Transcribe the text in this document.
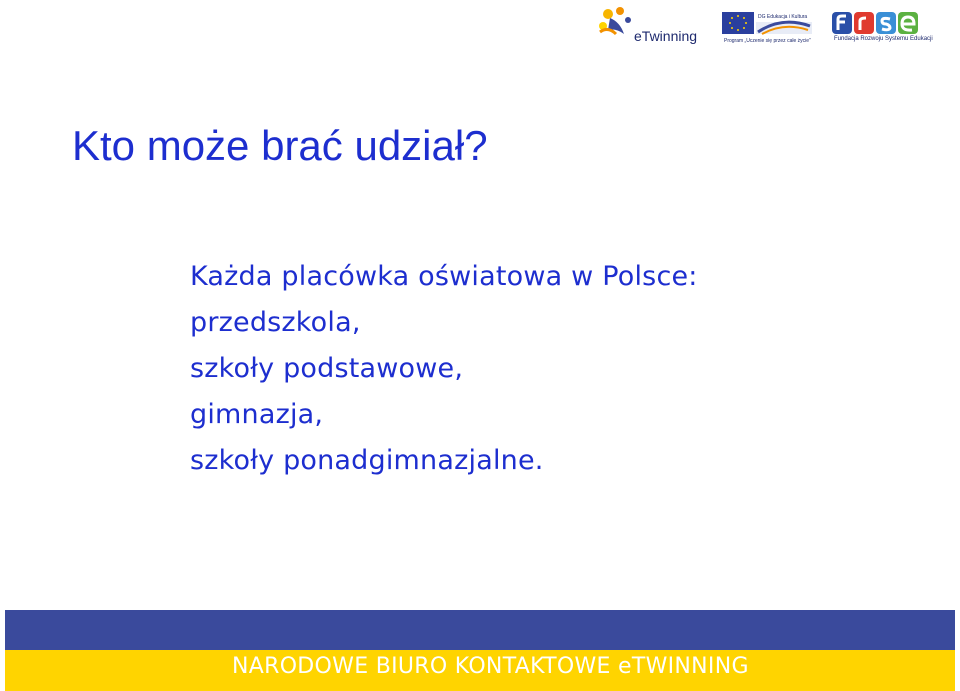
eTwinning
DG Edukacja i Kultura
Program „Uczenie się przez całe życie”	Fundacja Rozwoju Systemu Edukacji
Kto może brać udział?
Każda placówka oświatowa w Polsce:
przedszkola,
szkoły podstawowe,
gimnazja,
szkoły ponadgimnazjalne.
NARODOWE BIURO KONTAKTOWE eTWINNING
